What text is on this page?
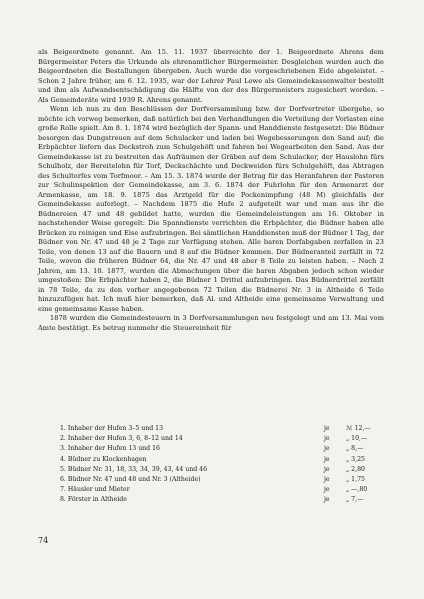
als Beigeordnete genannt. Am 15. 11. 1937 überreichte der 1. Beigeordnete Ahrens dem Bürgermeister Peters die Urkunde als ehrenamtlicher Bürgermeister. Desgleichen wurden auch die Beigeordneten die Bestallungen übergeben. Auch wurde die vorgeschriebenen Eide abgeleistet. – Schon 2 Jahre früher, am 6. 12. 1935, war der Lehrer Paul Lowe als Gemeindekassenwalter bestellt und ihm als Aufwandsentschädigung die Hälfte von der des Bürgermeisters zugesichert worden. – Als Gemeinderäte wird 1939 R. Ahrens genannt.

Wenn ich nun zu den Beschlüssen der Dorfversammlung bzw. der Dorfvertreter übergehe, so möchte ich vorweg bemerken, daß natürlich bei den Verhandlungen die Verteilung der Vorlasten eine große Rolle spielt. Am 8. 1. 1874 wird bezüglich der Spann- und Handdienste festgesetzt: Die Büdner besorgen das Dungstreuen auf dem Schulacker und laden bei Wegebesserungen den Sand auf; die Erbpächter liefern das Deckstroh zum Schulgehöft und fahren bei Wegearbeiten den Sand. Aus der Gemeindekasse ist zu bestreiten das Aufräumen der Gräben auf dem Schulacker, der Hauslohn fürs Schulholz, der Bereitelohn für Torf, Deckschächte und Deckweiden fürs Schulgehöft, das Abtragen des Schultorfes vom Torfmoor. – Am 15. 3. 1874 wurde der Betrag für das Heranfahren der Pastoren zur Schulinspektion der Gemeindekasse, am 3. 6. 1874 der Fuhrlohn für den Armenarzt der Armenkasse, am 18. 9. 1875 das Arztgeld für die Pockenimpfung (48 M) gleichfalls der Gemeindekasse auferlegt. – Nachdem 1875 die Hufe 2 aufgeteilt war und man aus ihr die Büdnereien 47 und 48 gebildet hatte, wurden die Gemeindeleistungen am 16. Oktober in nachstehender Weise geregelt: Die Spanndienste verrichten die Erbpächter, die Büdner haben alle Brücken zu reinigen und Eise aufzubringen. Bei sämtlichen Handdiensten muß der Büdner 1 Tag, der Büdner von Nr. 47 und 48 je 2 Tage zur Verfügung stehen. Alle baren Dorfabgaben zerfallen in 23 Teile, von denen 13 auf die Bauern und 8 auf die Büdner kommen. Der Büdneranteil zerfällt in 72 Teile, wovon die früheren Büdner 64, die Nr. 47 und 48 aber 8 Teile zu leisten haben. – Nach 2 Jahren, am 13. 10. 1877, wurden die Abmachungen über die baren Abgaben jedoch schon wieder umgestoßen: Die Erbpächter haben 2, die Büdner 1 Drittel aufzubringen. Das Büdnerdrittel zerfällt in 78 Teile, da zu den vorher angegebenen 72 Teilen die Büdnerei Nr. 3 in Altheide 6 Teile hinzuzufügen hat. Ich muß hier bemerken, daß Al. und Altheide eine gemeinsame Verwaltung und eine gemeinsame Kasse haben.

1878 wurden die Gemeindesteuern in 3 Dorfversammlungen neu festgelegt und am 13. Mai vom Amte bestätigt. Es betrug nunmehr die Steuereinheit für

1. Inhaber der Hufen 3–5 und 13	je	ℳ 12,—
2. Inhaber der Hufen 3, 6, 8–12 und 14	je	„ 10,—
3. Inhaber der Hufen 13 und 16	je	„ 8,—
4. Büdner zu Klockenhagen	je	„ 3,25
5. Büdner Nr. 31, 18, 33, 34, 39, 43, 44 und 46	je	„ 2,80
6. Büdner Nr. 47 und 48 und Nr. 3 (Altheide)	je	„ 1,75
7. Häusler und Mieter	je	„ —,80
8. Förster in Altheide	je	„ 7,—
74
